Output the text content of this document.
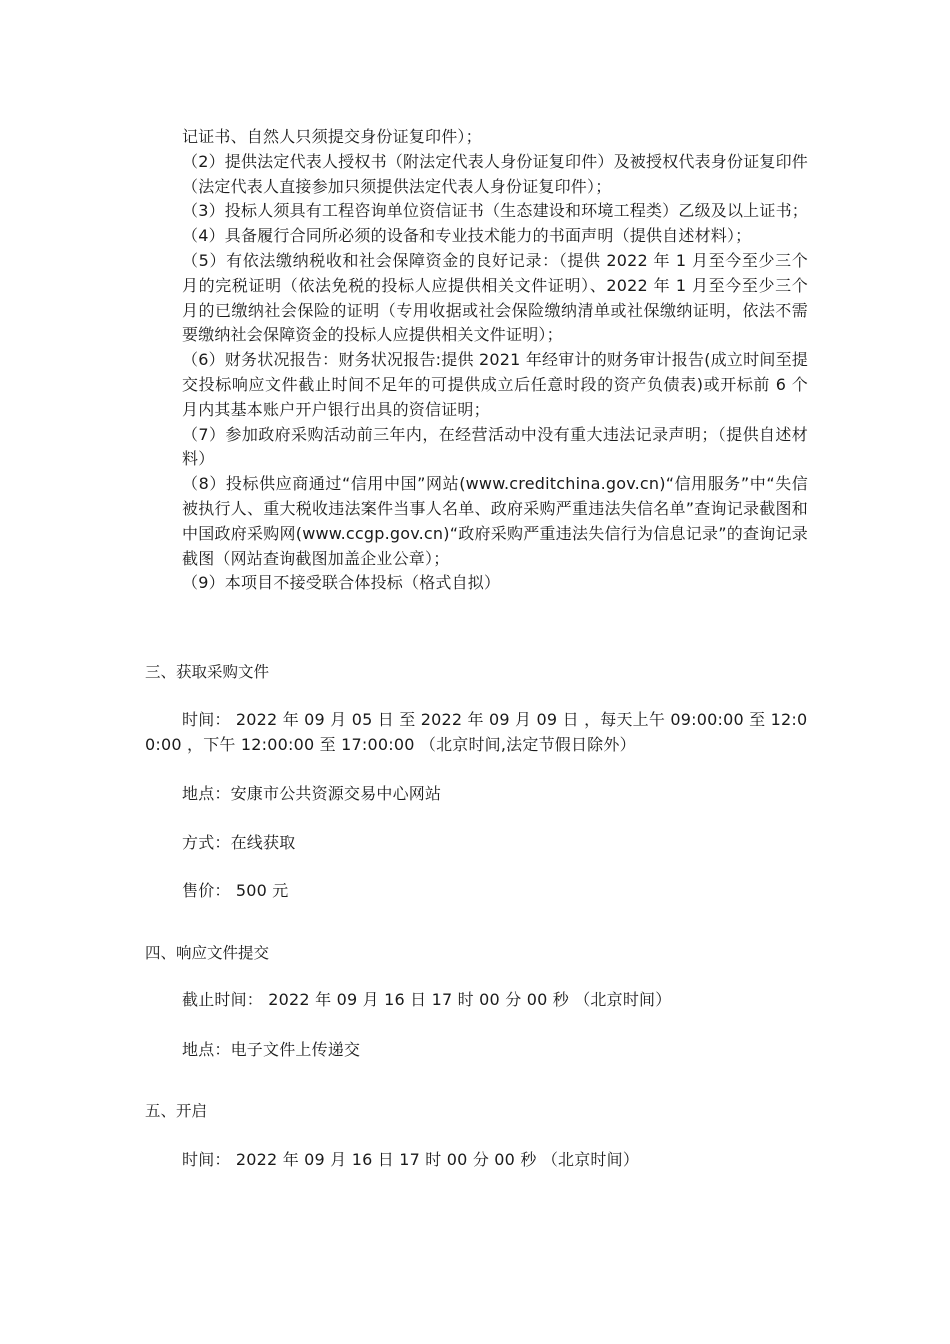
记证书、自然人只须提交身份证复印件）；

（2）提供法定代表人授权书（附法定代表人身份证复印件）及被授权代表身份证复印件（法定代表人直接参加只须提供法定代表人身份证复印件）；

（3）投标人须具有工程咨询单位资信证书（生态建设和环境工程类）乙级及以上证书；

（4）具备履行合同所必须的设备和专业技术能力的书面声明（提供自述材料）；

（5）有依法缴纳税收和社会保障资金的良好记录：（提供 2022 年 1 月至今至少三个月的完税证明（依法免税的投标人应提供相关文件证明）、2022 年 1 月至今至少三个月的已缴纳社会保险的证明（专用收据或社会保险缴纳清单或社保缴纳证明，依法不需要缴纳社会保障资金的投标人应提供相关文件证明）；

（6）财务状况报告：财务状况报告:提供 2021 年经审计的财务审计报告(成立时间至提交投标响应文件截止时间不足年的可提供成立后任意时段的资产负债表)或开标前 6 个月内其基本账户开户银行出具的资信证明；

（7）参加政府采购活动前三年内，在经营活动中没有重大违法记录声明；（提供自述材料）

（8）投标供应商通过“信用中国”网站(www.creditchina.gov.cn)“信用服务”中“失信被执行人、重大税收违法案件当事人名单、政府采购严重违法失信名单”查询记录截图和中国政府采购网(www.ccgp.gov.cn)“政府采购严重违法失信行为信息记录”的查询记录截图（网站查询截图加盖企业公章）；

（9）本项目不接受联合体投标（格式自拟）

三、获取采购文件

时间： 2022 年 09 月 05 日 至 2022 年 09 月 09 日 ，每天上午 09:00:00 至 12:00:00 ，下午 12:00:00 至 17:00:00 （北京时间,法定节假日除外）

地点：安康市公共资源交易中心网站

方式：在线获取

售价： 500 元

四、响应文件提交

截止时间： 2022 年 09 月 16 日 17 时 00 分 00 秒 （北京时间）

地点：电子文件上传递交

五、开启

时间： 2022 年 09 月 16 日 17 时 00 分 00 秒 （北京时间）
